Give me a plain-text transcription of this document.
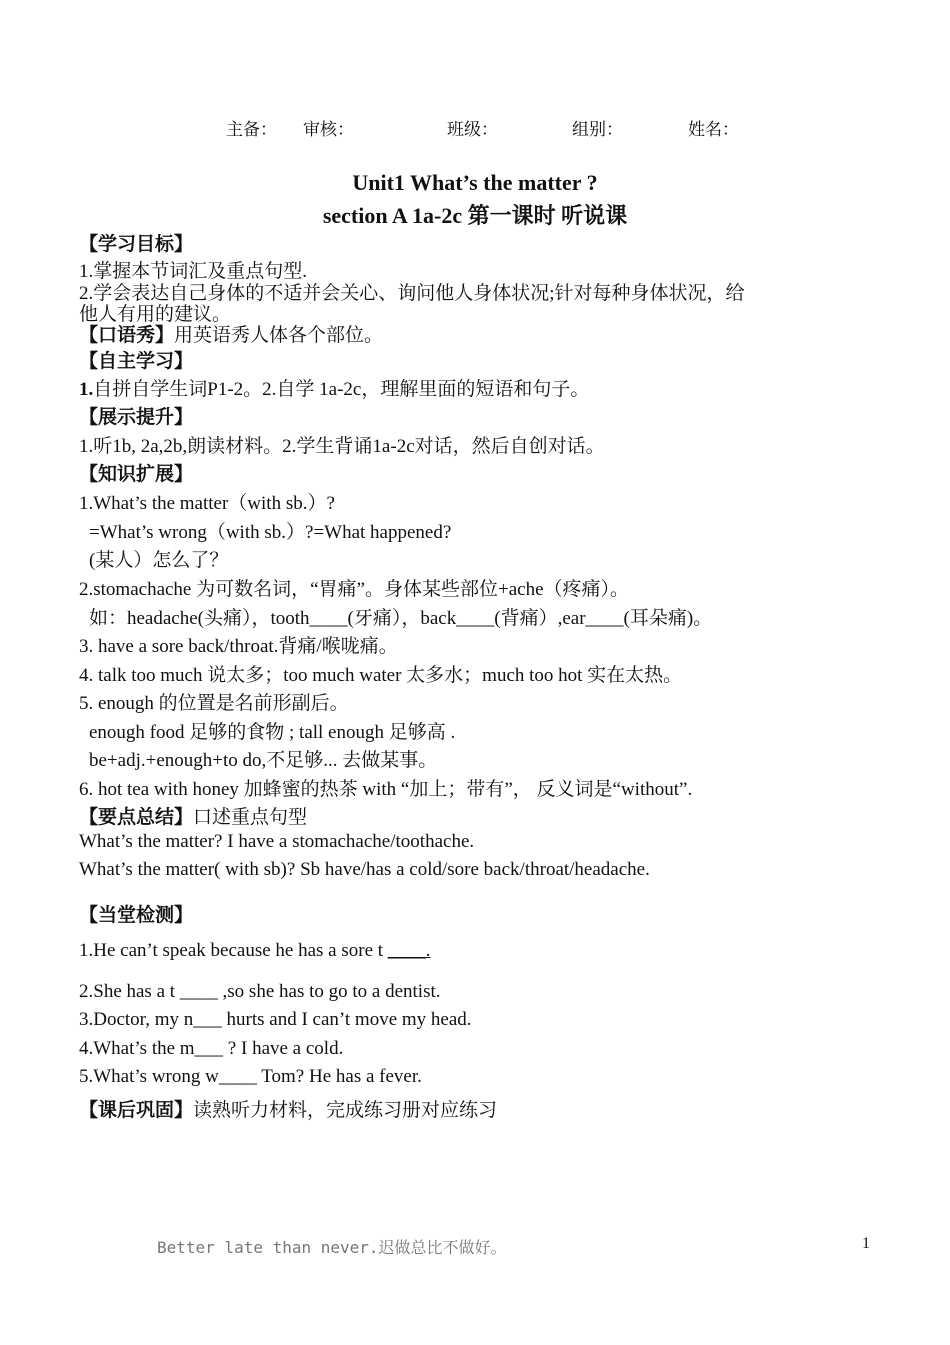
主备： 审核：	班级：	组别：	姓名：
Unit1 What’s the matter ?
section A 1a-2c 第一课时 听说课
【学习目标】
1.掌握本节词汇及重点句型.
2.学会表达自己身体的不适并会关心、询问他人身体状况;针对每种身体状况，给
他人有用的建议。
【口语秀】用英语秀人体各个部位。
【自主学习】
1.自拼自学生词P1-2。2.自学 1a-2c，理解里面的短语和句子。
【展示提升】
1.听1b, 2a,2b,朗读材料。2.学生背诵1a-2c对话，然后自创对话。
【知识扩展】
1.What’s the matter（with sb.）?
=What’s wrong（with sb.）?=What happened?
(某人）怎么了？
2.stomachache 为可数名词，“胃痛”。身体某些部位+ache（疼痛）。
如：headache(头痛），tooth____(牙痛），back____(背痛）,ear____(耳朵痛)。
3. have a sore back/throat.背痛/喉咙痛。
4. talk too much 说太多；too much water 太多水；much too hot 实在太热。
5. enough 的位置是名前形副后。
enough food 足够的食物 ; tall enough 足够高 .
be+adj.+enough+to do,不足够... 去做某事。
6. hot tea with honey 加蜂蜜的热茶 with “加上；带有”， 反义词是“without”.
【要点总结】口述重点句型
What’s the matter? I have a stomachache/toothache.
What’s the matter( with sb)? Sb have/has a cold/sore back/throat/headache.
【当堂检测】
1.He can’t speak because he has a sore t ____.
2.She has a t ____ ,so she has to go to a dentist.
3.Doctor, my n___ hurts and I can’t move my head.
4.What’s the m___ ? I have a cold.
5.What’s wrong w____ Tom? He has a fever.
【课后巩固】读熟听力材料，完成练习册对应练习
Better late than never.迟做总比不做好。	1
